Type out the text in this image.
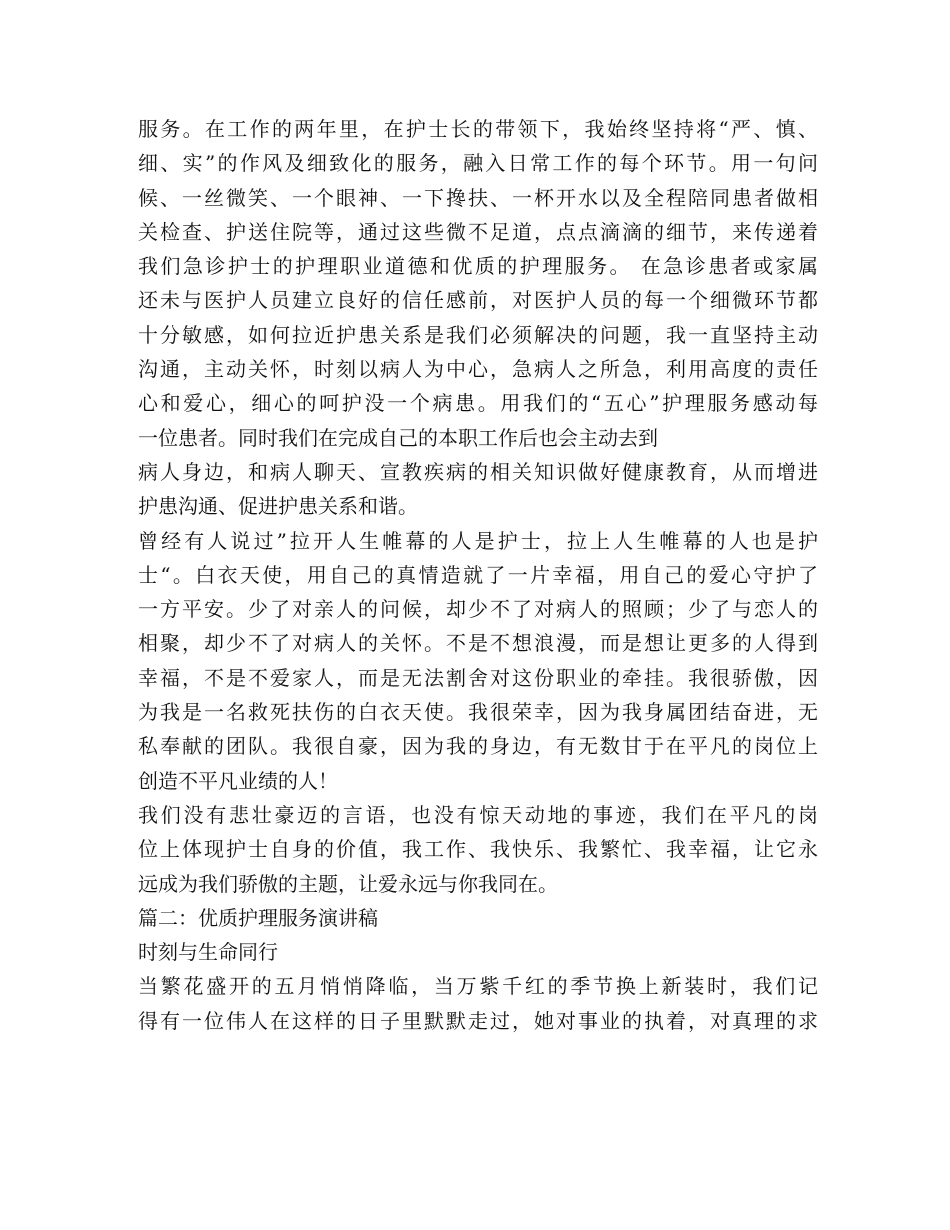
服务。在工作的两年里，在护士长的带领下，我始终坚持将“严、慎、
细、实”的作风及细致化的服务，融入日常工作的每个环节。用一句问
候、一丝微笑、一个眼神、一下搀扶、一杯开水以及全程陪同患者做相
关检查、护送住院等，通过这些微不足道，点点滴滴的细节，来传递着
我们急诊护士的护理职业道德和优质的护理服务。 在急诊患者或家属
还未与医护人员建立良好的信任感前，对医护人员的每一个细微环节都
十分敏感，如何拉近护患关系是我们必须解决的问题，我一直坚持主动
沟通，主动关怀，时刻以病人为中心，急病人之所急，利用高度的责任
心和爱心，细心的呵护没一个病患。用我们的“五心”护理服务感动每
一位患者。同时我们在完成自己的本职工作后也会主动去到
病人身边，和病人聊天、宣教疾病的相关知识做好健康教育，从而增进
护患沟通、促进护患关系和谐。
曾经有人说过”拉开人生帷幕的人是护士，拉上人生帷幕的人也是护
士“。白衣天使，用自己的真情造就了一片幸福，用自己的爱心守护了
一方平安。少了对亲人的问候，却少不了对病人的照顾；少了与恋人的
相聚，却少不了对病人的关怀。不是不想浪漫，而是想让更多的人得到
幸福，不是不爱家人，而是无法割舍对这份职业的牵挂。我很骄傲，因
为我是一名救死扶伤的白衣天使。我很荣幸，因为我身属团结奋进，无
私奉献的团队。我很自豪，因为我的身边，有无数甘于在平凡的岗位上
创造不平凡业绩的人！
我们没有悲壮豪迈的言语，也没有惊天动地的事迹，我们在平凡的岗
位上体现护士自身的价值，我工作、我快乐、我繁忙、我幸福，让它永
远成为我们骄傲的主题，让爱永远与你我同在。
篇二：优质护理服务演讲稿
时刻与生命同行
当繁花盛开的五月悄悄降临，当万紫千红的季节换上新装时，我们记
得有一位伟人在这样的日子里默默走过，她对事业的执着，对真理的求
